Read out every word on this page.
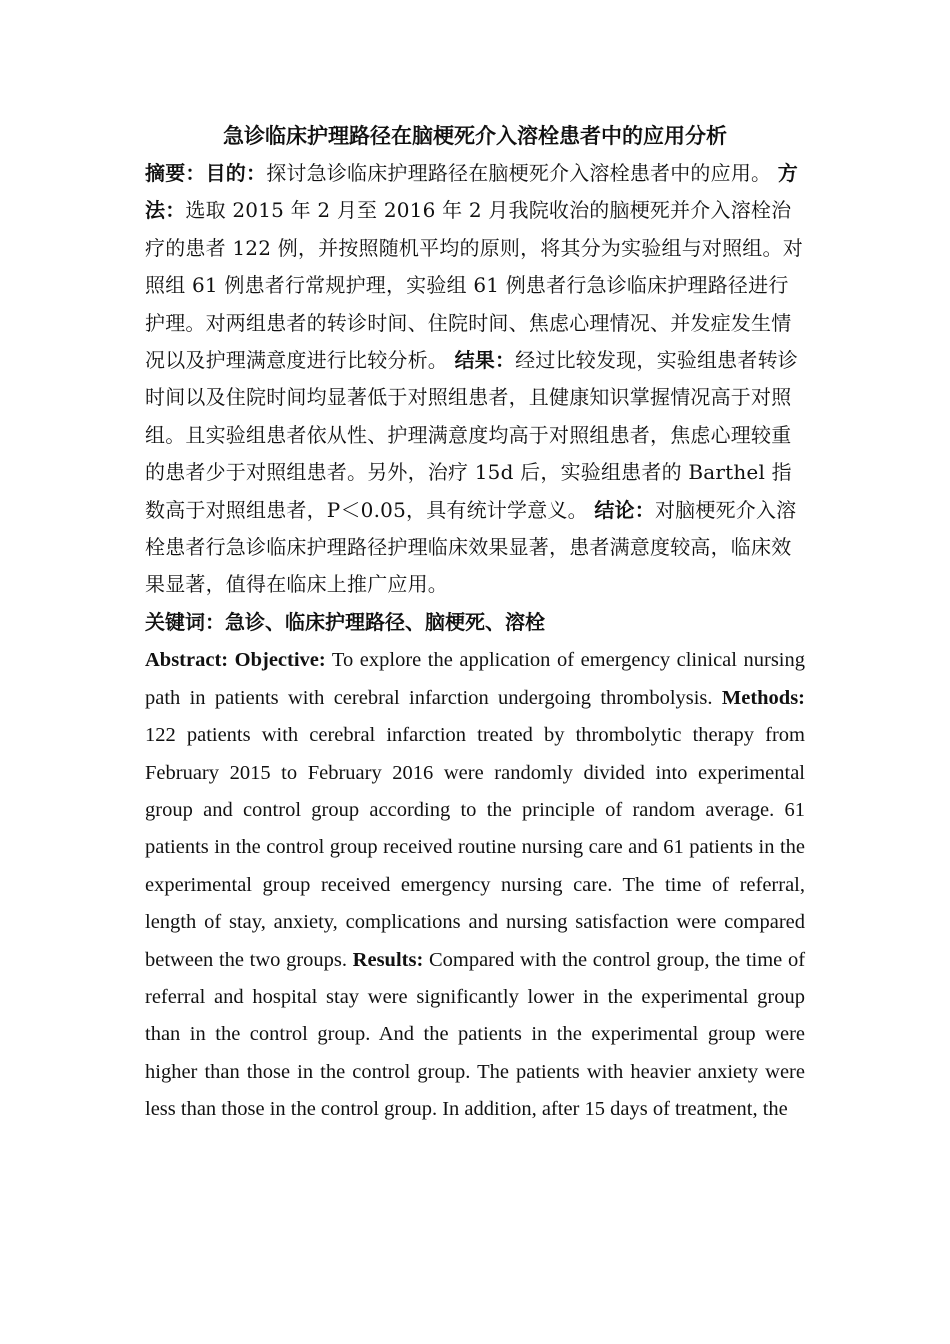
急诊临床护理路径在脑梗死介入溶栓患者中的应用分析

摘要：目的：探讨急诊临床护理路径在脑梗死介入溶栓患者中的应用。 方法：选取 2015 年 2 月至 2016 年 2 月我院收治的脑梗死并介入溶栓治疗的患者 122 例，并按照随机平均的原则，将其分为实验组与对照组。对照组 61 例患者行常规护理，实验组 61 例患者行急诊临床护理路径进行护理。对两组患者的转诊时间、住院时间、焦虑心理情况、并发症发生情况以及护理满意度进行比较分析。 结果：经过比较发现，实验组患者转诊时间以及住院时间均显著低于对照组患者，且健康知识掌握情况高于对照组。且实验组患者依从性、护理满意度均高于对照组患者，焦虑心理较重的患者少于对照组患者。另外，治疗 15d 后，实验组患者的 Barthel 指数高于对照组患者，P＜0.05，具有统计学意义。 结论：对脑梗死介入溶栓患者行急诊临床护理路径护理临床效果显著，患者满意度较高，临床效果显著，值得在临床上推广应用。

关键词：急诊、临床护理路径、脑梗死、溶栓

Abstract: Objective: To explore the application of emergency clinical nursing path in patients with cerebral infarction undergoing thrombolysis. Methods: 122 patients with cerebral infarction treated by thrombolytic therapy from February 2015 to February 2016 were randomly divided into experimental group and control group according to the principle of random average. 61 patients in the control group received routine nursing care and 61 patients in the experimental group received emergency nursing care. The time of referral, length of stay, anxiety, complications and nursing satisfaction were compared between the two groups. Results: Compared with the control group, the time of referral and hospital stay were significantly lower in the experimental group than in the control group. And the patients in the experimental group were higher than those in the control group. The patients with heavier anxiety were less than those in the control group. In addition, after 15 days of treatment, the
